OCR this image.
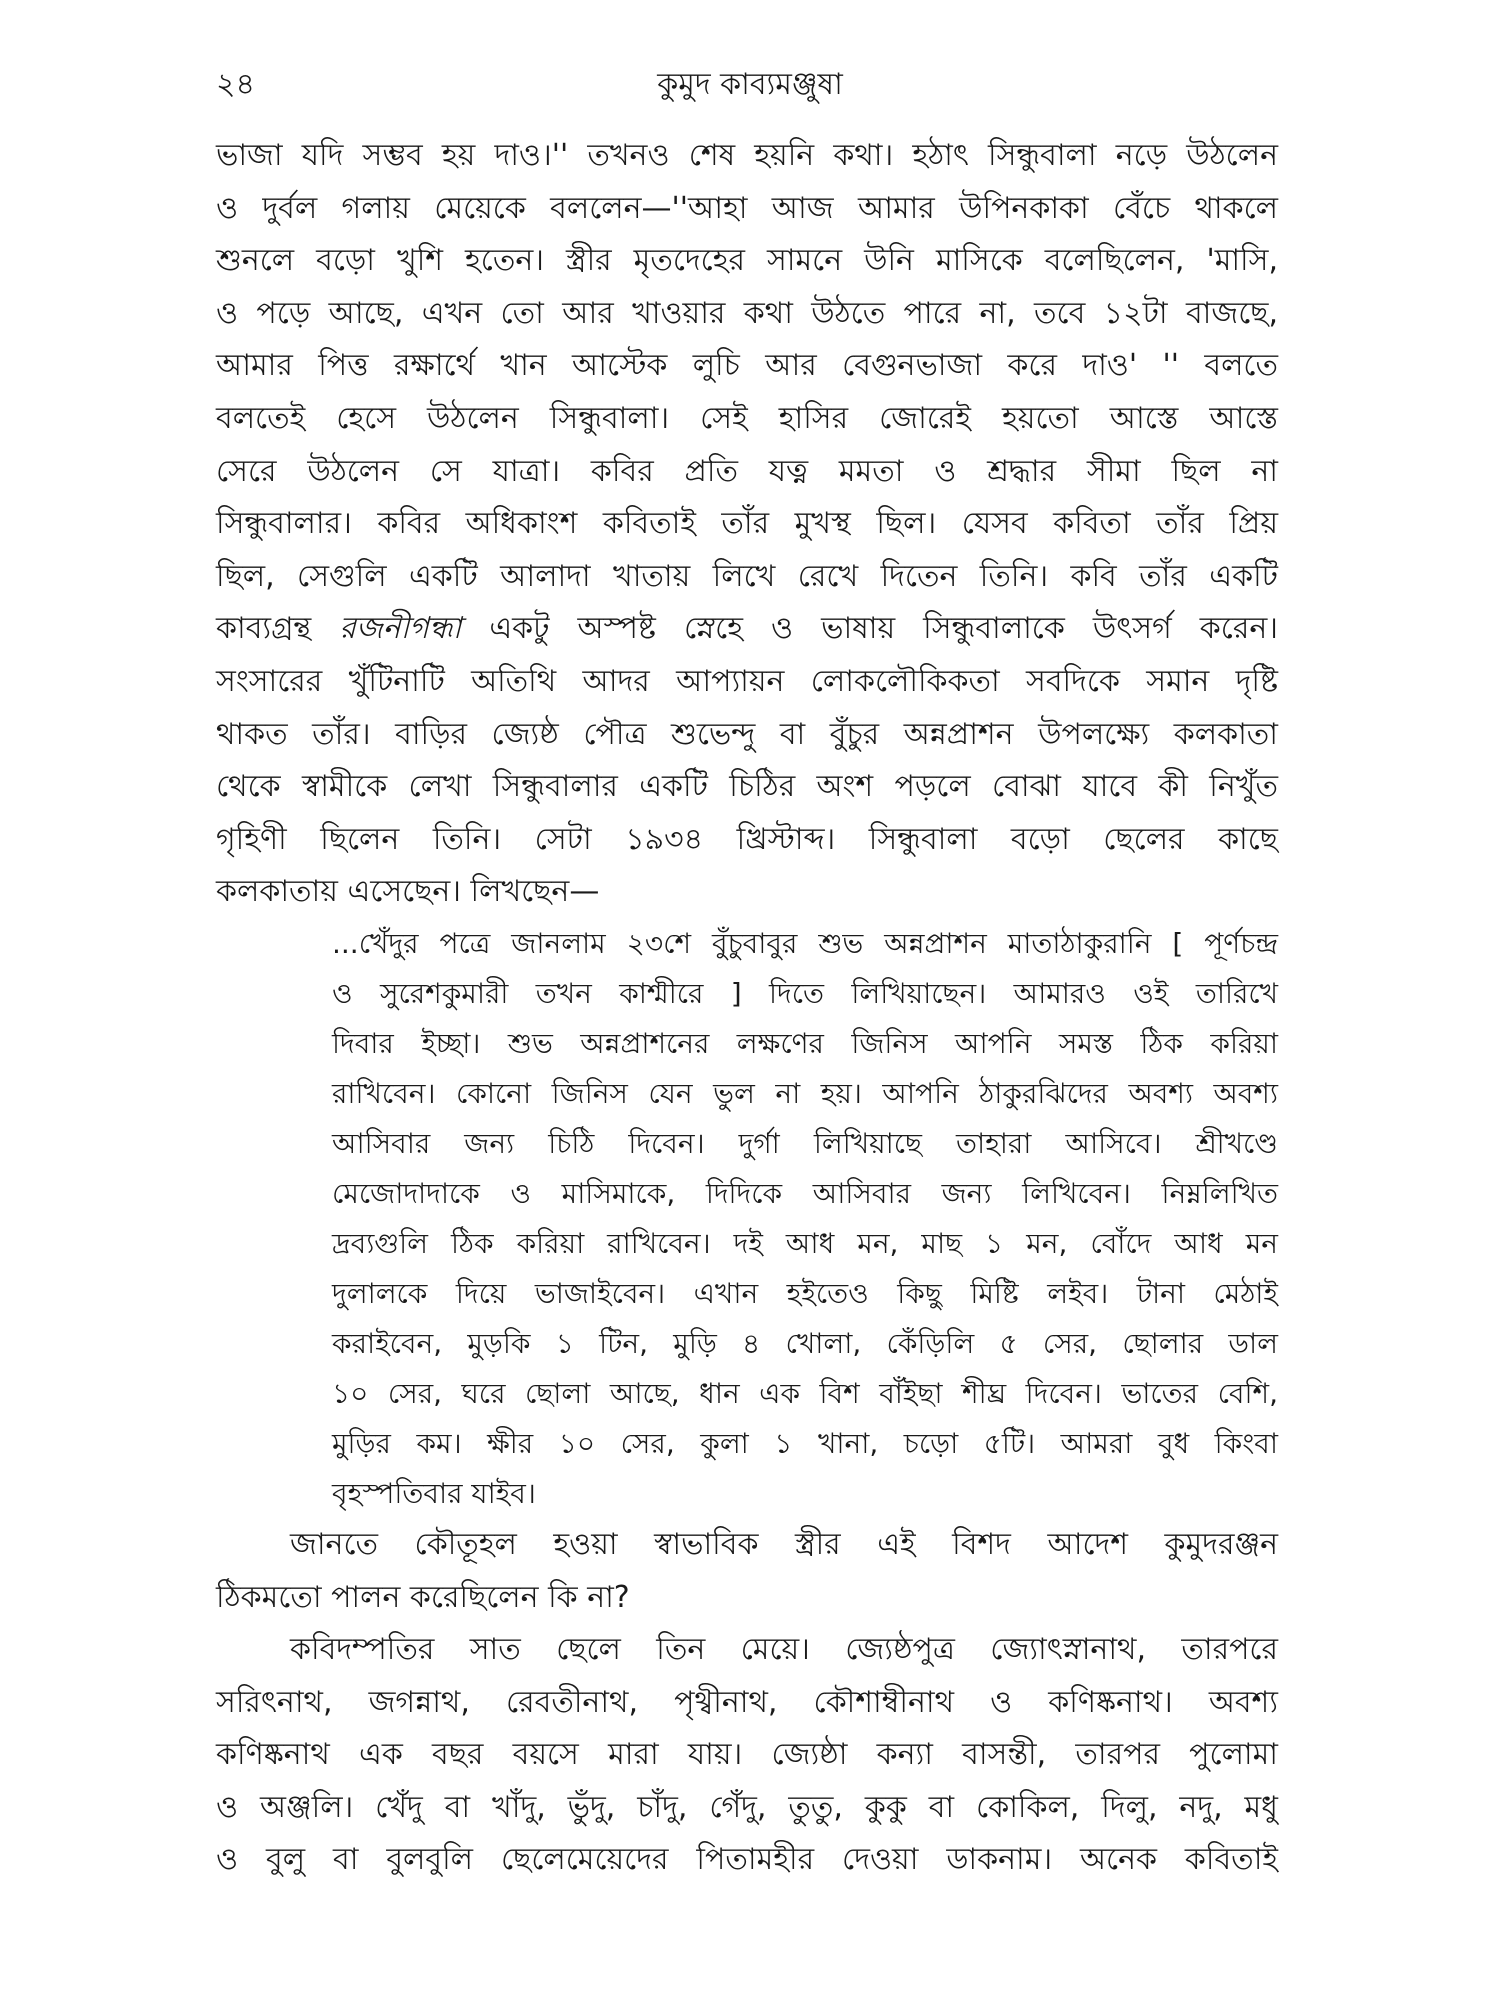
২৪	কুমুদ কাব্যমঞ্জুষা
ভাজা যদি সম্ভব হয় দাও।'' তখনও শেষ হয়নি কথা। হঠাৎ সিন্ধুবালা নড়ে উঠলেন
ও দুর্বল গলায় মেয়েকে বললেন—''আহা আজ আমার উপিনকাকা বেঁচে থাকলে
শুনলে বড়ো খুশি হতেন। স্ত্রীর মৃতদেহের সামনে উনি মাসিকে বলেছিলেন, 'মাসি,
ও পড়ে আছে, এখন তো আর খাওয়ার কথা উঠতে পারে না, তবে ১২টা বাজছে,
আমার পিত্ত রক্ষার্থে খান আস্টেক লুচি আর বেগুনভাজা করে দাও' '' বলতে
বলতেই হেসে উঠলেন সিন্ধুবালা। সেই হাসির জোরেই হয়তো আস্তে আস্তে
সেরে উঠলেন সে যাত্রা। কবির প্রতি যত্ন মমতা ও শ্রদ্ধার সীমা ছিল না
সিন্ধুবালার। কবির অধিকাংশ কবিতাই তাঁর মুখস্থ ছিল। যেসব কবিতা তাঁর প্রিয়
ছিল, সেগুলি একটি আলাদা খাতায় লিখে রেখে দিতেন তিনি। কবি তাঁর একটি
কাব্যগ্রন্থ রজনীগন্ধা একটু অস্পষ্ট স্নেহে ও ভাষায় সিন্ধুবালাকে উৎসর্গ করেন।
সংসারের খুঁটিনাটি অতিথি আদর আপ্যায়ন লোকলৌকিকতা সবদিকে সমান দৃষ্টি
থাকত তাঁর। বাড়ির জ্যেষ্ঠ পৌত্র শুভেন্দু বা বুঁচুর অন্নপ্রাশন উপলক্ষ্যে কলকাতা
থেকে স্বামীকে লেখা সিন্ধুবালার একটি চিঠির অংশ পড়লে বোঝা যাবে কী নিখুঁত
গৃহিণী ছিলেন তিনি। সেটা ১৯৩৪ খ্রিস্টাব্দ। সিন্ধুবালা বড়ো ছেলের কাছে
কলকাতায় এসেছেন। লিখছেন—
...খেঁদুর পত্রে জানলাম ২৩শে বুঁচুবাবুর শুভ অন্নপ্রাশন মাতাঠাকুরানি [ পূর্ণচন্দ্র
ও সুরেশকুমারী তখন কাশ্মীরে ] দিতে লিখিয়াছেন। আমারও ওই তারিখে
দিবার ইচ্ছা। শুভ অন্নপ্রাশনের লক্ষণের জিনিস আপনি সমস্ত ঠিক করিয়া
রাখিবেন। কোনো জিনিস যেন ভুল না হয়। আপনি ঠাকুরঝিদের অবশ্য অবশ্য
আসিবার জন্য চিঠি দিবেন। দুর্গা লিখিয়াছে তাহারা আসিবে। শ্রীখণ্ডে
মেজোদাদাকে ও মাসিমাকে, দিদিকে আসিবার জন্য লিখিবেন। নিম্নলিখিত
দ্রব্যগুলি ঠিক করিয়া রাখিবেন। দই আধ মন, মাছ ১ মন, বোঁদে আধ মন
দুলালকে দিয়ে ভাজাইবেন। এখান হইতেও কিছু মিষ্টি লইব। টানা মেঠাই
করাইবেন, মুড়কি ১ টিন, মুড়ি ৪ খোলা, কেঁড়িলি ৫ সের, ছোলার ডাল
১০ সের, ঘরে ছোলা আছে, ধান এক বিশ বাঁইছা শীঘ্র দিবেন। ভাতের বেশি,
মুড়ির কম। ক্ষীর ১০ সের, কুলা ১ খানা, চড়ো ৫টি। আমরা বুধ কিংবা
বৃহস্পতিবার যাইব।
জানতে কৌতূহল হওয়া স্বাভাবিক স্ত্রীর এই বিশদ আদেশ কুমুদরঞ্জন
ঠিকমতো পালন করেছিলেন কি না?
কবিদম্পতির সাত ছেলে তিন মেয়ে। জ্যেষ্ঠপুত্র জ্যোৎস্নানাথ, তারপরে
সরিৎনাথ, জগন্নাথ, রেবতীনাথ, পৃথ্বীনাথ, কৌশাম্বীনাথ ও কণিষ্কনাথ। অবশ্য
কণিষ্কনাথ এক বছর বয়সে মারা যায়। জ্যেষ্ঠা কন্যা বাসন্তী, তারপর পুলোমা
ও অঞ্জলি। খেঁদু বা খাঁদু, ভুঁদু, চাঁদু, গেঁদু, তুতু, কুকু বা কোকিল, দিলু, নদু, মধু
ও বুলু বা বুলবুলি ছেলেমেয়েদের পিতামহীর দেওয়া ডাকনাম। অনেক কবিতাই
